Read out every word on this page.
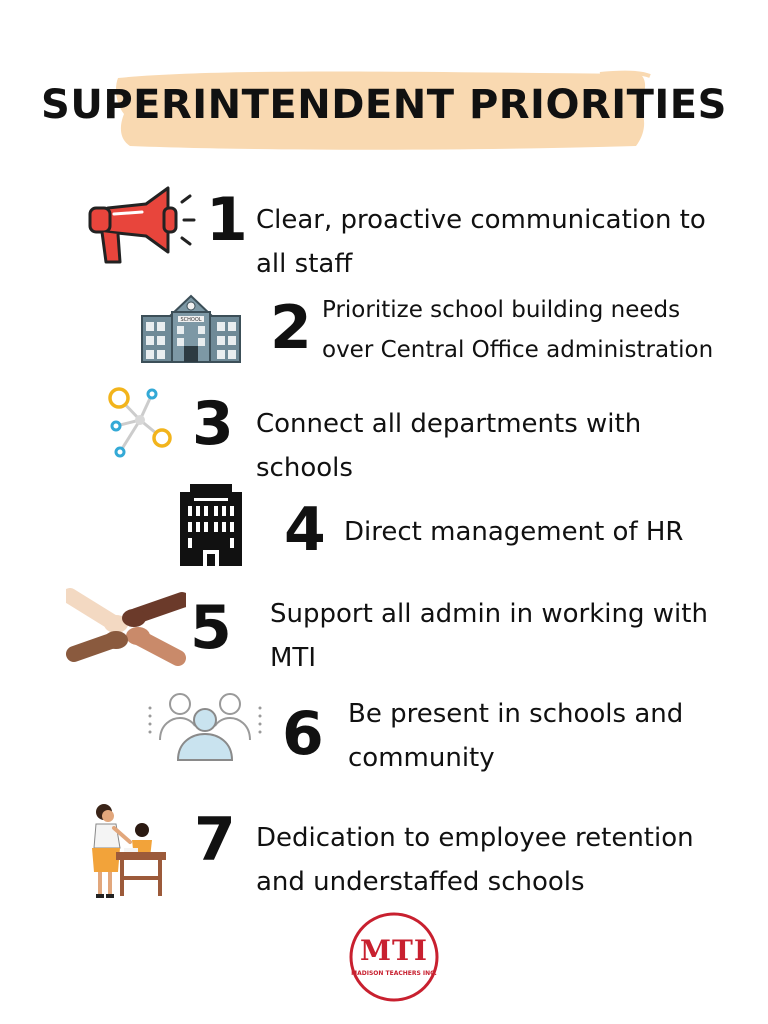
SUPERINTENDENT PRIORITIES
1 Clear, proactive communication to
all staff
SCHOOL 2 Prioritize school building needs
over Central Office administration
3 Connect all departments with
schools
4 Direct management of HR
5 Support all admin in working with
MTI
6 Be present in schools and
community
7 Dedication to employee retention
and understaffed schools
MTI
MADISON TEACHERS INC.
